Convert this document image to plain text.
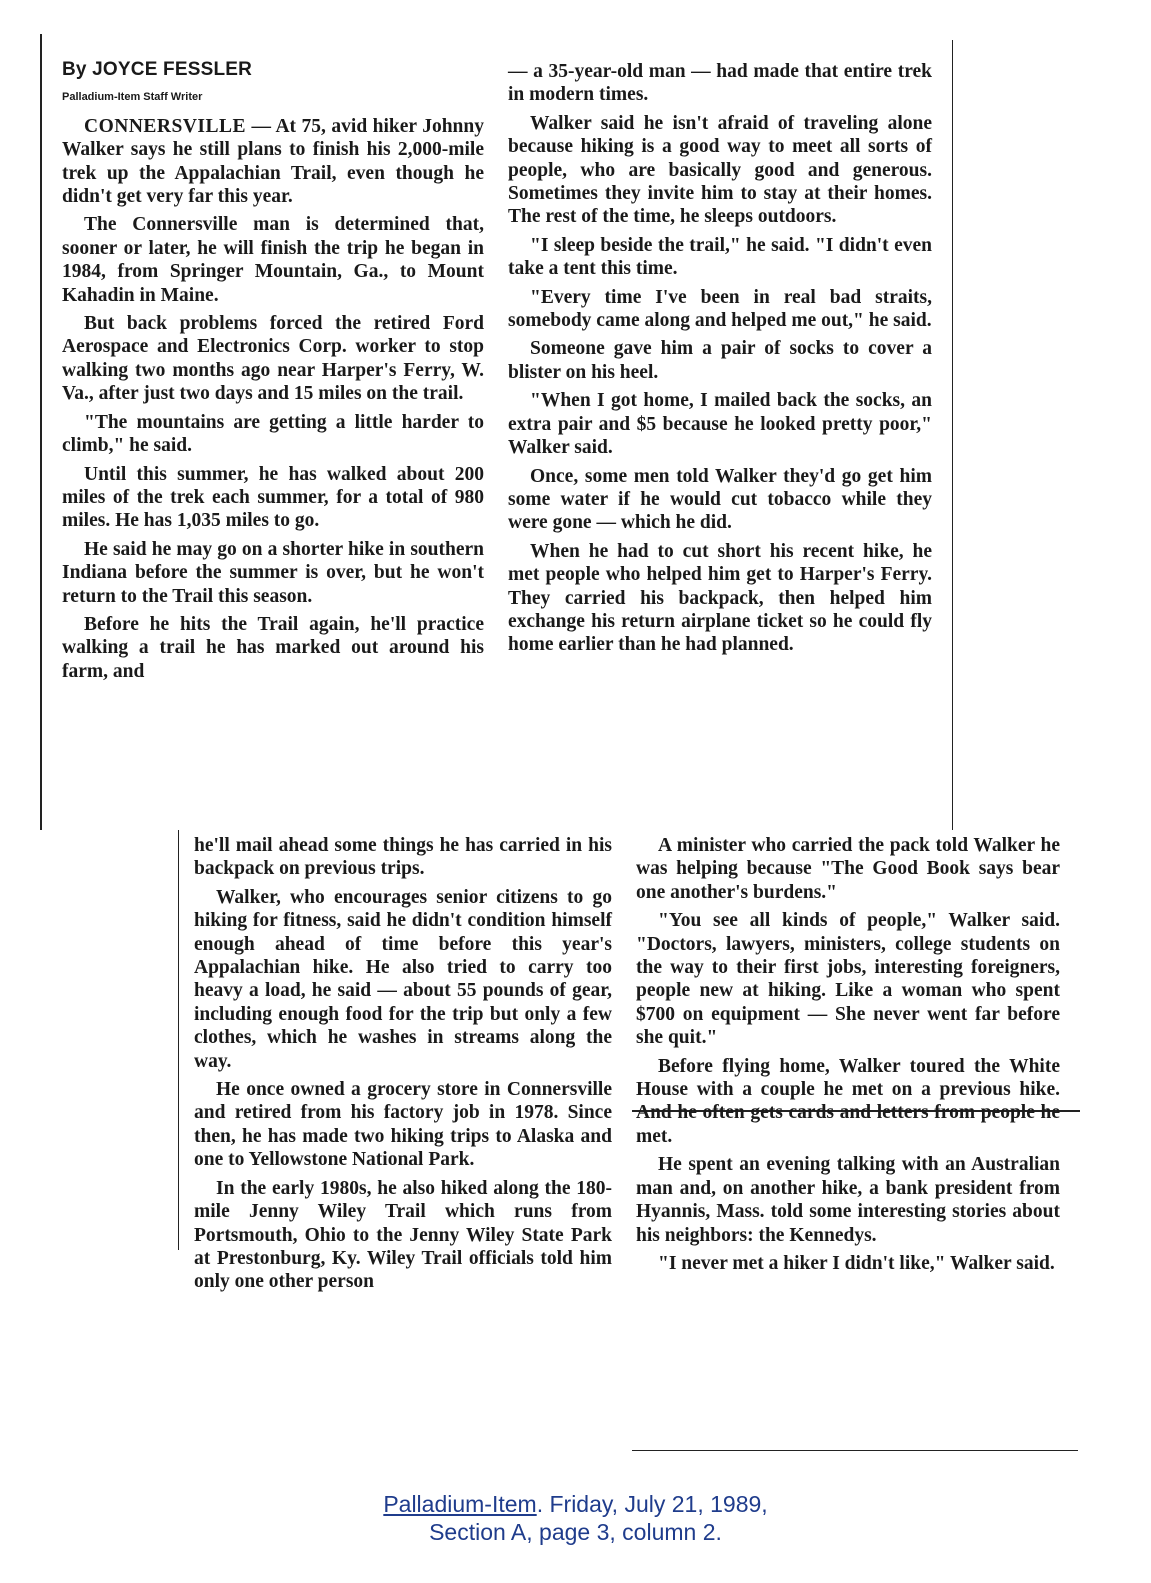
By JOYCE FESSLER

Palladium-Item Staff Writer

CONNERSVILLE — At 75, avid hiker Johnny Walker says he still plans to finish his 2,000-mile trek up the Appalachian Trail, even though he didn't get very far this year.

The Connersville man is determined that, sooner or later, he will finish the trip he began in 1984, from Springer Mountain, Ga., to Mount Kahadin in Maine.

But back problems forced the retired Ford Aerospace and Electronics Corp. worker to stop walking two months ago near Harper's Ferry, W. Va., after just two days and 15 miles on the trail.

"The mountains are getting a little harder to climb," he said.

Until this summer, he has walked about 200 miles of the trek each summer, for a total of 980 miles. He has 1,035 miles to go.

He said he may go on a shorter hike in southern Indiana before the summer is over, but he won't return to the Trail this season.

Before he hits the Trail again, he'll practice walking a trail he has marked out around his farm, and

— a 35-year-old man — had made that entire trek in modern times.

Walker said he isn't afraid of traveling alone because hiking is a good way to meet all sorts of people, who are basically good and generous. Sometimes they invite him to stay at their homes. The rest of the time, he sleeps outdoors.

"I sleep beside the trail," he said. "I didn't even take a tent this time.

"Every time I've been in real bad straits, somebody came along and helped me out," he said.

Someone gave him a pair of socks to cover a blister on his heel.

"When I got home, I mailed back the socks, an extra pair and $5 because he looked pretty poor," Walker said.

Once, some men told Walker they'd go get him some water if he would cut tobacco while they were gone — which he did.

When he had to cut short his recent hike, he met people who helped him get to Harper's Ferry. They carried his backpack, then helped him exchange his return airplane ticket so he could fly home earlier than he had planned.

he'll mail ahead some things he has carried in his backpack on previous trips.

Walker, who encourages senior citizens to go hiking for fitness, said he didn't condition himself enough ahead of time before this year's Appalachian hike. He also tried to carry too heavy a load, he said — about 55 pounds of gear, including enough food for the trip but only a few clothes, which he washes in streams along the way.

He once owned a grocery store in Connersville and retired from his factory job in 1978. Since then, he has made two hiking trips to Alaska and one to Yellowstone National Park.

In the early 1980s, he also hiked along the 180-mile Jenny Wiley Trail which runs from Portsmouth, Ohio to the Jenny Wiley State Park at Prestonburg, Ky. Wiley Trail officials told him only one other person

A minister who carried the pack told Walker he was helping because "The Good Book says bear one another's burdens."

"You see all kinds of people," Walker said. "Doctors, lawyers, ministers, college students on the way to their first jobs, interesting foreigners, people new at hiking. Like a woman who spent $700 on equipment — She never went far before she quit."

Before flying home, Walker toured the White House with a couple he met on a previous hike. And he often gets cards and letters from people he met.

He spent an evening talking with an Australian man and, on another hike, a bank president from Hyannis, Mass. told some interesting stories about his neighbors: the Kennedys.

"I never met a hiker I didn't like," Walker said.

Palladium-Item. Friday, July 21, 1989,
Section A, page 3, column 2.
